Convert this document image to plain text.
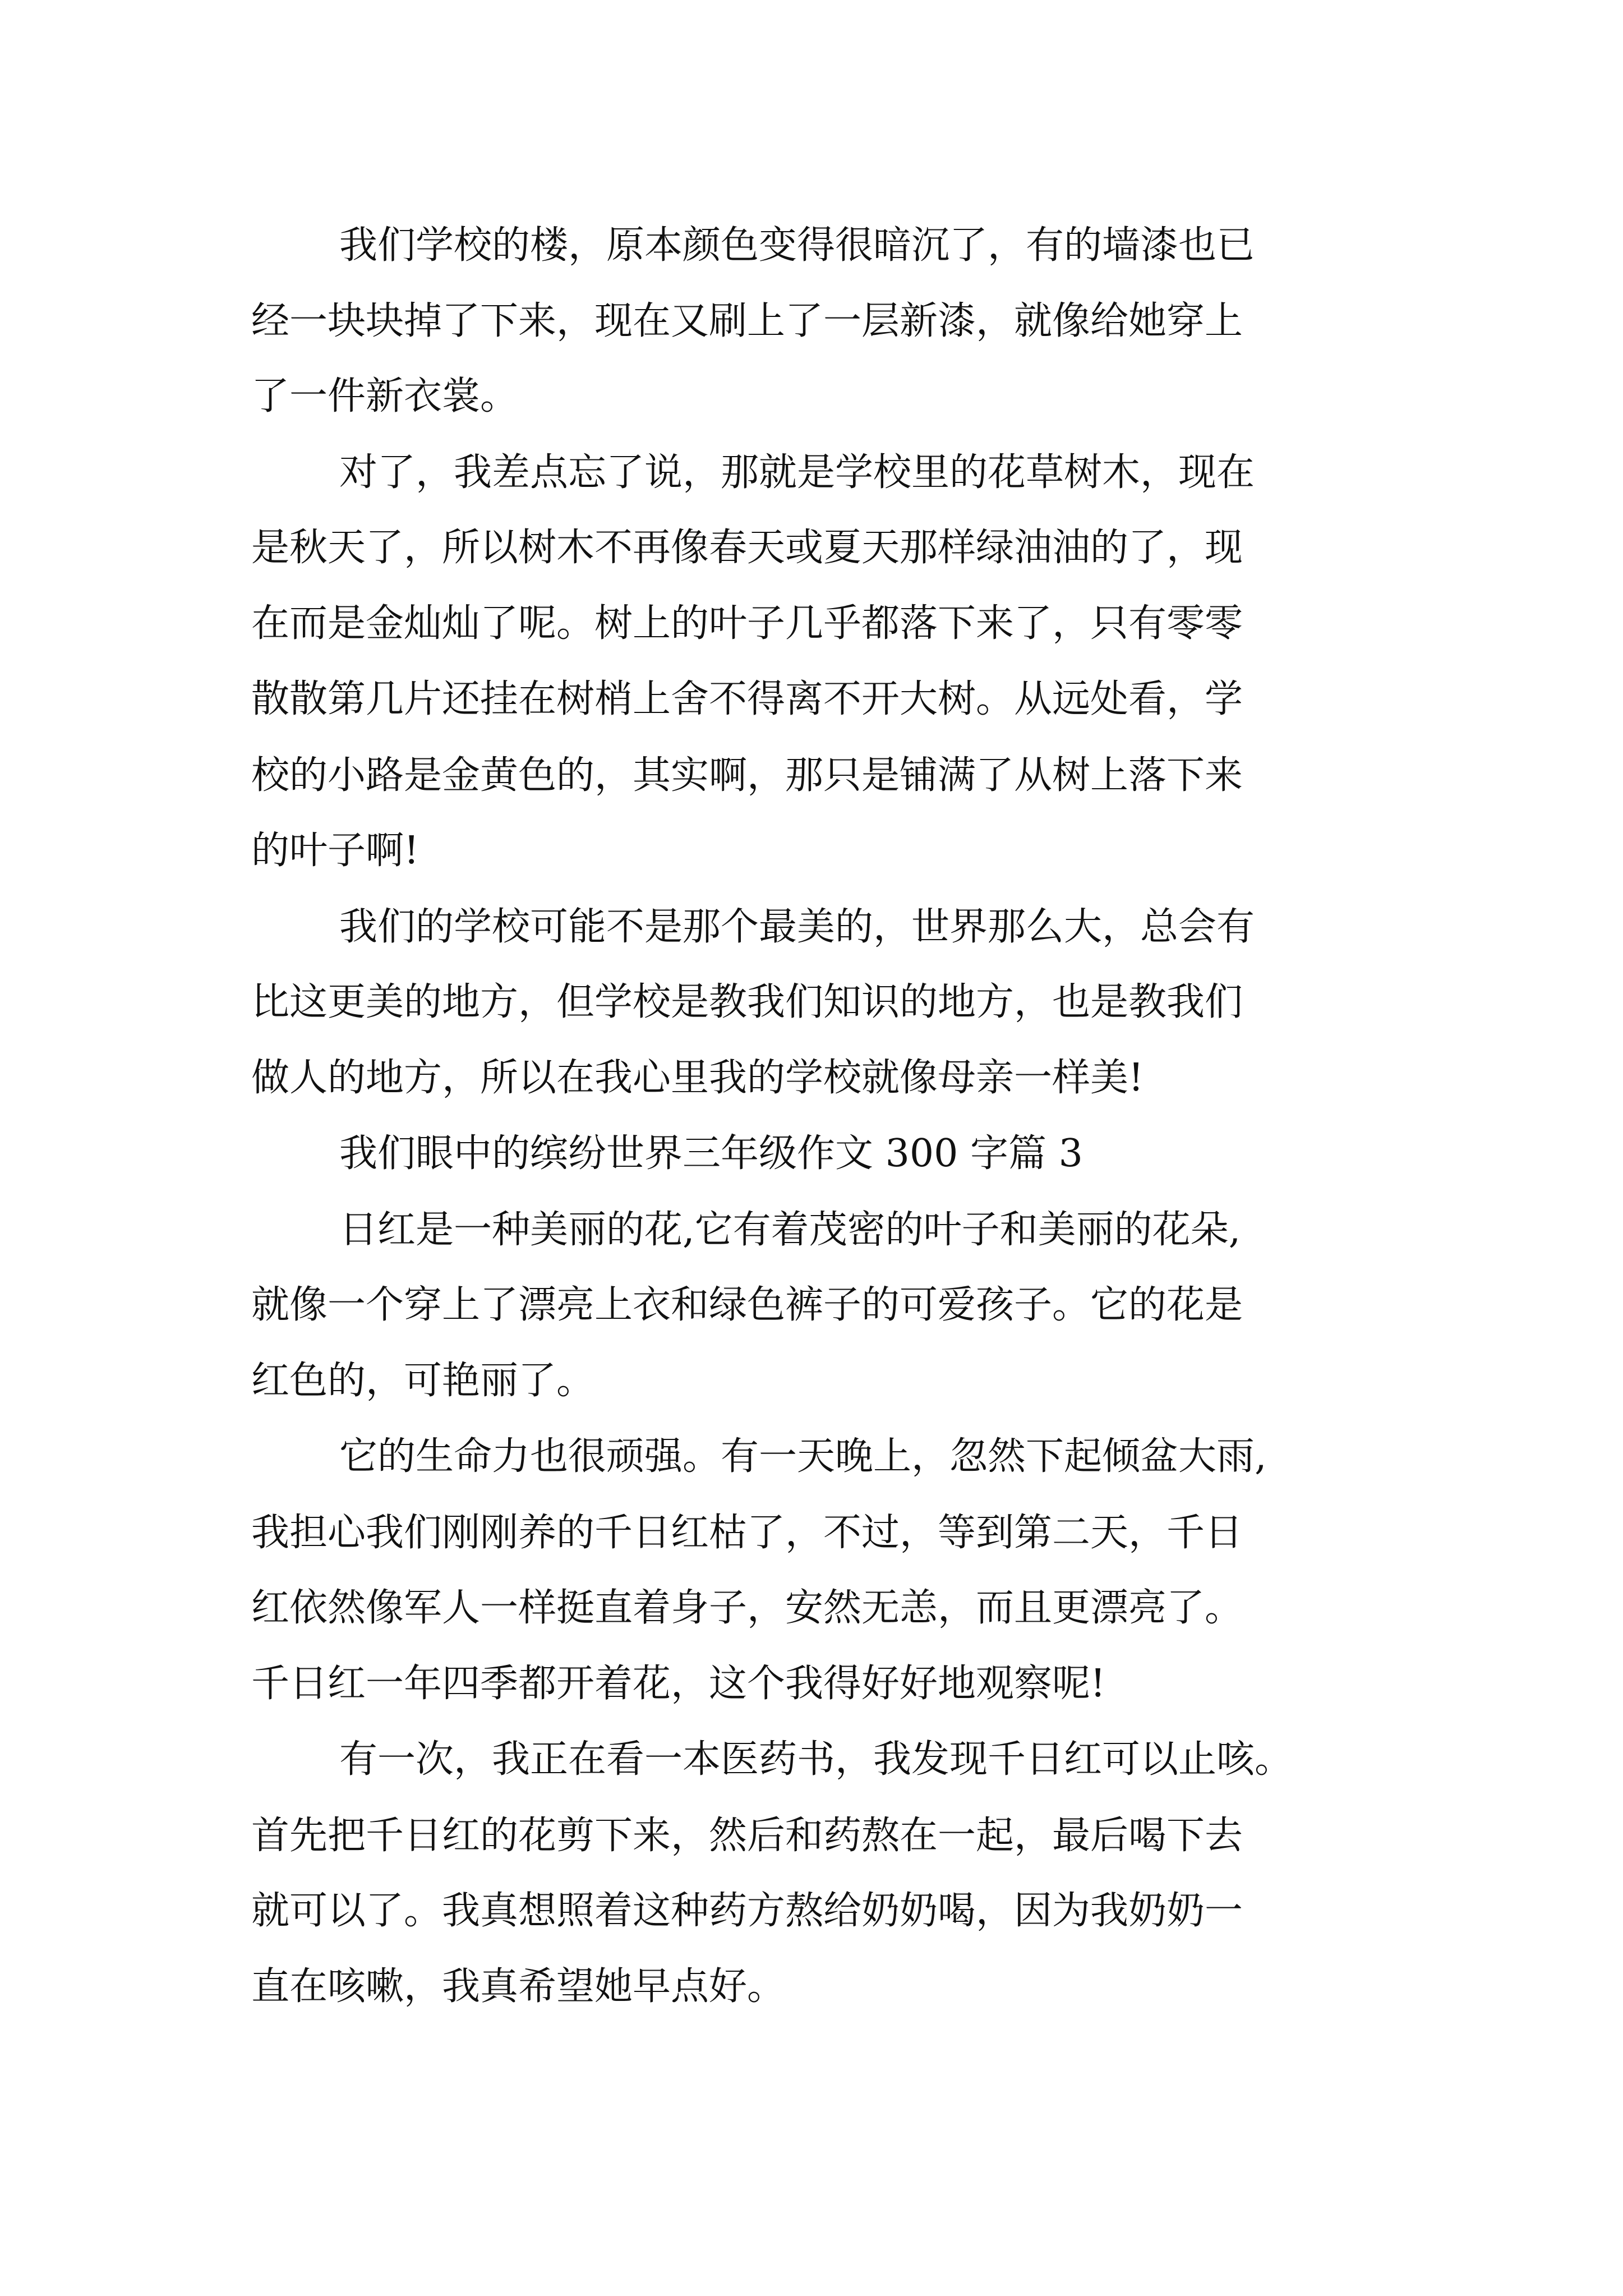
我们学校的楼，原本颜色变得很暗沉了，有的墙漆也已
经一块块掉了下来，现在又刷上了一层新漆，就像给她穿上
了一件新衣裳。
对了，我差点忘了说，那就是学校里的花草树木，现在
是秋天了，所以树木不再像春天或夏天那样绿油油的了，现
在而是金灿灿了呢。树上的叶子几乎都落下来了，只有零零
散散第几片还挂在树梢上舍不得离不开大树。从远处看，学
校的小路是金黄色的，其实啊，那只是铺满了从树上落下来
的叶子啊!
我们的学校可能不是那个最美的，世界那么大，总会有
比这更美的地方，但学校是教我们知识的地方，也是教我们
做人的地方，所以在我心里我的学校就像母亲一样美!
我们眼中的缤纷世界三年级作文 300 字篇 3
日红是一种美丽的花,它有着茂密的叶子和美丽的花朵,
就像一个穿上了漂亮上衣和绿色裤子的可爱孩子。它的花是
红色的，可艳丽了。
它的生命力也很顽强。有一天晚上，忽然下起倾盆大雨,
我担心我们刚刚养的千日红枯了，不过，等到第二天，千日
红依然像军人一样挺直着身子，安然无恙，而且更漂亮了。
千日红一年四季都开着花，这个我得好好地观察呢!
有一次，我正在看一本医药书，我发现千日红可以止咳。
首先把千日红的花剪下来，然后和药熬在一起，最后喝下去
就可以了。我真想照着这种药方熬给奶奶喝，因为我奶奶一
直在咳嗽，我真希望她早点好。
